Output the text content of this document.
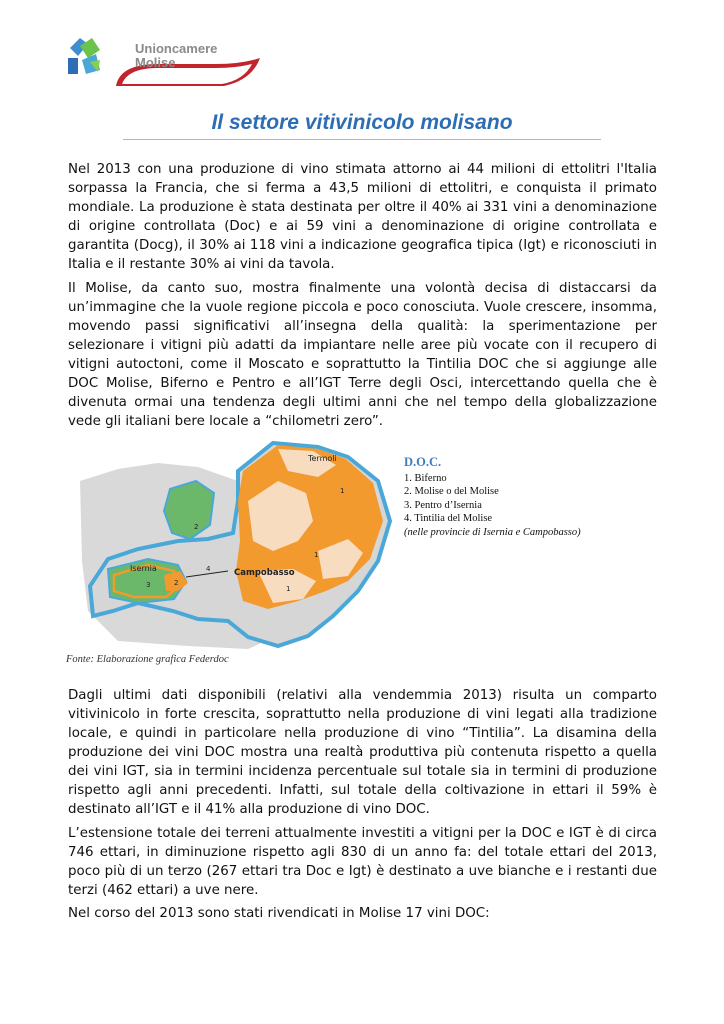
Unioncamere
Molise
Il settore vitivinicolo molisano

Nel 2013 con una produzione di vino stimata attorno ai 44 milioni di ettolitri l'Italia sorpassa la Francia, che si ferma a 43,5 milioni di ettolitri, e conquista il primato mondiale. La produzione è stata destinata per oltre il 40% ai 331 vini a denominazione di origine controllata (Doc) e ai 59 vini a denominazione di origine controllata e garantita (Docg), il 30% ai 118 vini a indicazione geografica tipica (Igt) e riconosciuti in Italia e il restante 30% ai vini da tavola.

Il Molise, da canto suo, mostra finalmente una volontà decisa di distaccarsi da un’immagine che la vuole regione piccola e poco conosciuta. Vuole crescere, insomma, movendo passi significativi all’insegna della qualità: la sperimentazione per selezionare i vitigni più adatti da impiantare nelle aree più vocate con il recupero di vitigni autoctoni, come il Moscato e soprattutto la Tintilia DOC che si aggiunge alle DOC Molise, Biferno e Pentro e all’IGT Terre degli Osci, intercettando quella che è divenuta ormai una tendenza degli ultimi anni che nel tempo della globalizzazione vede gli italiani bere locale a “chilometri zero”.

Termoli
Isernia	Campobasso
1
1
1
2
2
3
4
D.O.C.
1. Biferno
2. Molise o del Molise
3. Pentro d’Isernia
4. Tintilia del Molise
(nelle provincie di Isernia e Campobasso)
Fonte: Elaborazione grafica Federdoc

Dagli ultimi dati disponibili (relativi alla vendemmia 2013) risulta un comparto vitivinicolo in forte crescita, soprattutto nella produzione di vini legati alla tradizione locale, e quindi in particolare nella produzione di vino “Tintilia”. La disamina della produzione dei vini DOC mostra una realtà produttiva più contenuta rispetto a quella dei vini IGT, sia in termini incidenza percentuale sul totale sia in termini di produzione rispetto agli anni precedenti. Infatti, sul totale della coltivazione in ettari il 59% è destinato all’IGT e il 41% alla produzione di vino DOC.

L’estensione totale dei terreni attualmente investiti a vitigni per la DOC e IGT è di circa 746 ettari, in diminuzione rispetto agli 830 di un anno fa: del totale ettari del 2013, poco più di un terzo (267 ettari tra Doc e Igt) è destinato a uve bianche e i restanti due terzi (462 ettari) a uve nere.

Nel corso del 2013 sono stati rivendicati in Molise 17 vini DOC:
